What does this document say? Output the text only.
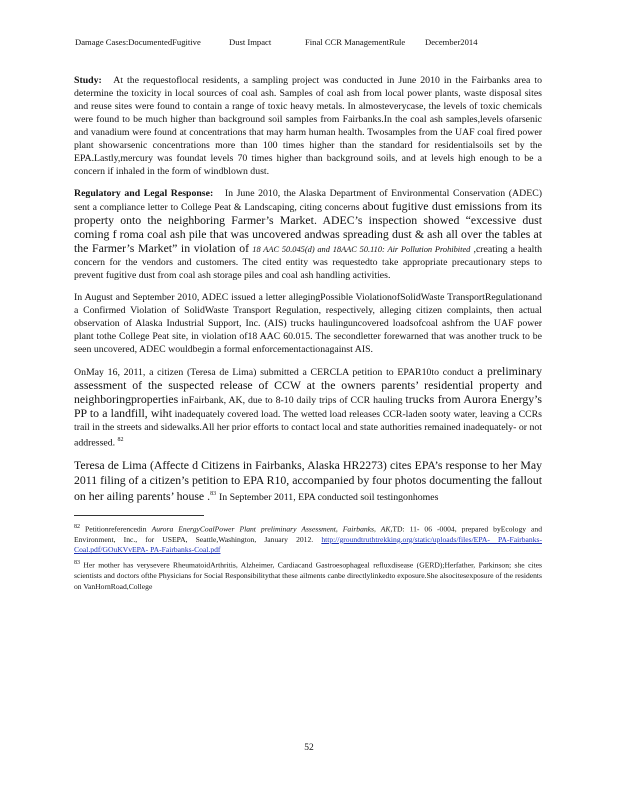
Damage Cases:DocumentedFugitive	Dust Impact	Final CCR ManagementRule December2014

Study: At the requestoflocal residents, a sampling project was conducted in June 2010 in the Fairbanks area to determine the toxicity in local sources of coal ash. Samples of coal ash from local power plants, waste disposal sites and reuse sites were found to contain a range of toxic heavy metals. In almosteverycase, the levels of toxic chemicals were found to be much higher than background soil samples from Fairbanks.In the coal ash samples,levels ofarsenic and vanadium were found at concentrations that may harm human health. Twosamples from the UAF coal fired power plant showarsenic concentrations more than 100 times higher than the standard for residentialsoils set by the EPA.Lastly,mercury was foundat levels 70 times higher than background soils, and at levels high enough to be a concern if inhaled in the form of windblown dust.

Regulatory and Legal Response: In June 2010, the Alaska Department of Environmental Conservation (ADEC) sent a compliance letter to College Peat & Landscaping, citing concerns about fugitive dust emissions from its property onto the neighboring Farmer’s Market. ADEC’s inspection showed “excessive dust coming f roma coal ash pile that was uncovered andwas spreading dust & ash all over the tables at the Farmer’s Market” in violation of 18 AAC 50.045(d) and 18AAC 50.110: Air Pollution Prohibited ,creating a health concern for the vendors and customers. The cited entity was requestedto take appropriate precautionary steps to prevent fugitive dust from coal ash storage piles and coal ash handling activities.

In August and September 2010, ADEC issued a letter allegingPossible ViolationofSolidWaste TransportRegulationand a Confirmed Violation of SolidWaste Transport Regulation, respectively, alleging citizen complaints, then actual observation of Alaska Industrial Support, Inc. (AIS) trucks haulinguncovered loadsofcoal ashfrom the UAF power plant tothe College Peat site, in violation of18 AAC 60.015. The secondletter forewarned that was another truck to be seen uncovered, ADEC wouldbegin a formal enforcementactionagainst AIS.

OnMay 16, 2011, a citizen (Teresa de Lima) submitted a CERCLA petition to EPAR10to conduct a preliminary assessment of the suspected release of CCW at the owners parents’ residential property and neighboringproperties inFairbank, AK, due to 8-10 daily trips of CCR hauling trucks from Aurora Energy’s PP to a landfill, wiht inadequately covered load. The wetted load releases CCR-laden sooty water, leaving a CCRs trail in the streets and sidewalks.All her prior efforts to contact local and state authorities remained inadequately- or not addressed. $^{82}$

Teresa de Lima (Affecte d Citizens in Fairbanks, Alaska HR2273) cites EPA’s response to her May 2011 filing of a citizen’s petition to EPA R10, accompanied by four photos documenting the fallout on her ailing parents’ house .$^{83}$ In September 2011, EPA conducted soil testingonhomes

$^{82}$ Petitionreferencedin Aurora EnergyCoalPower Plant preliminary Assessment, Fairbanks, AK,TD: 11- 06 -0004, prepared byEcology and Environment, Inc., for USEPA, Seattle,Washington, January 2012. http://groundtruthtrekking.org/static/uploads/files/EPA- PA-Fairbanks-Coal.pdf/GOuKVvEPA- PA-Fairbanks-Coal.pdf

$^{83}$ Her mother has verysevere RheumatoidArthritis, Alzheimer, Cardiacand Gastroesophageal refluxdisease (GERD);Herfather, Parkinson; she cites scientists and doctors ofthe Physicians for Social Responsibilitythat these ailments canbe directlylinkedto exposure.She alsocitesexposure of the residents on VanHornRoad,College

52
